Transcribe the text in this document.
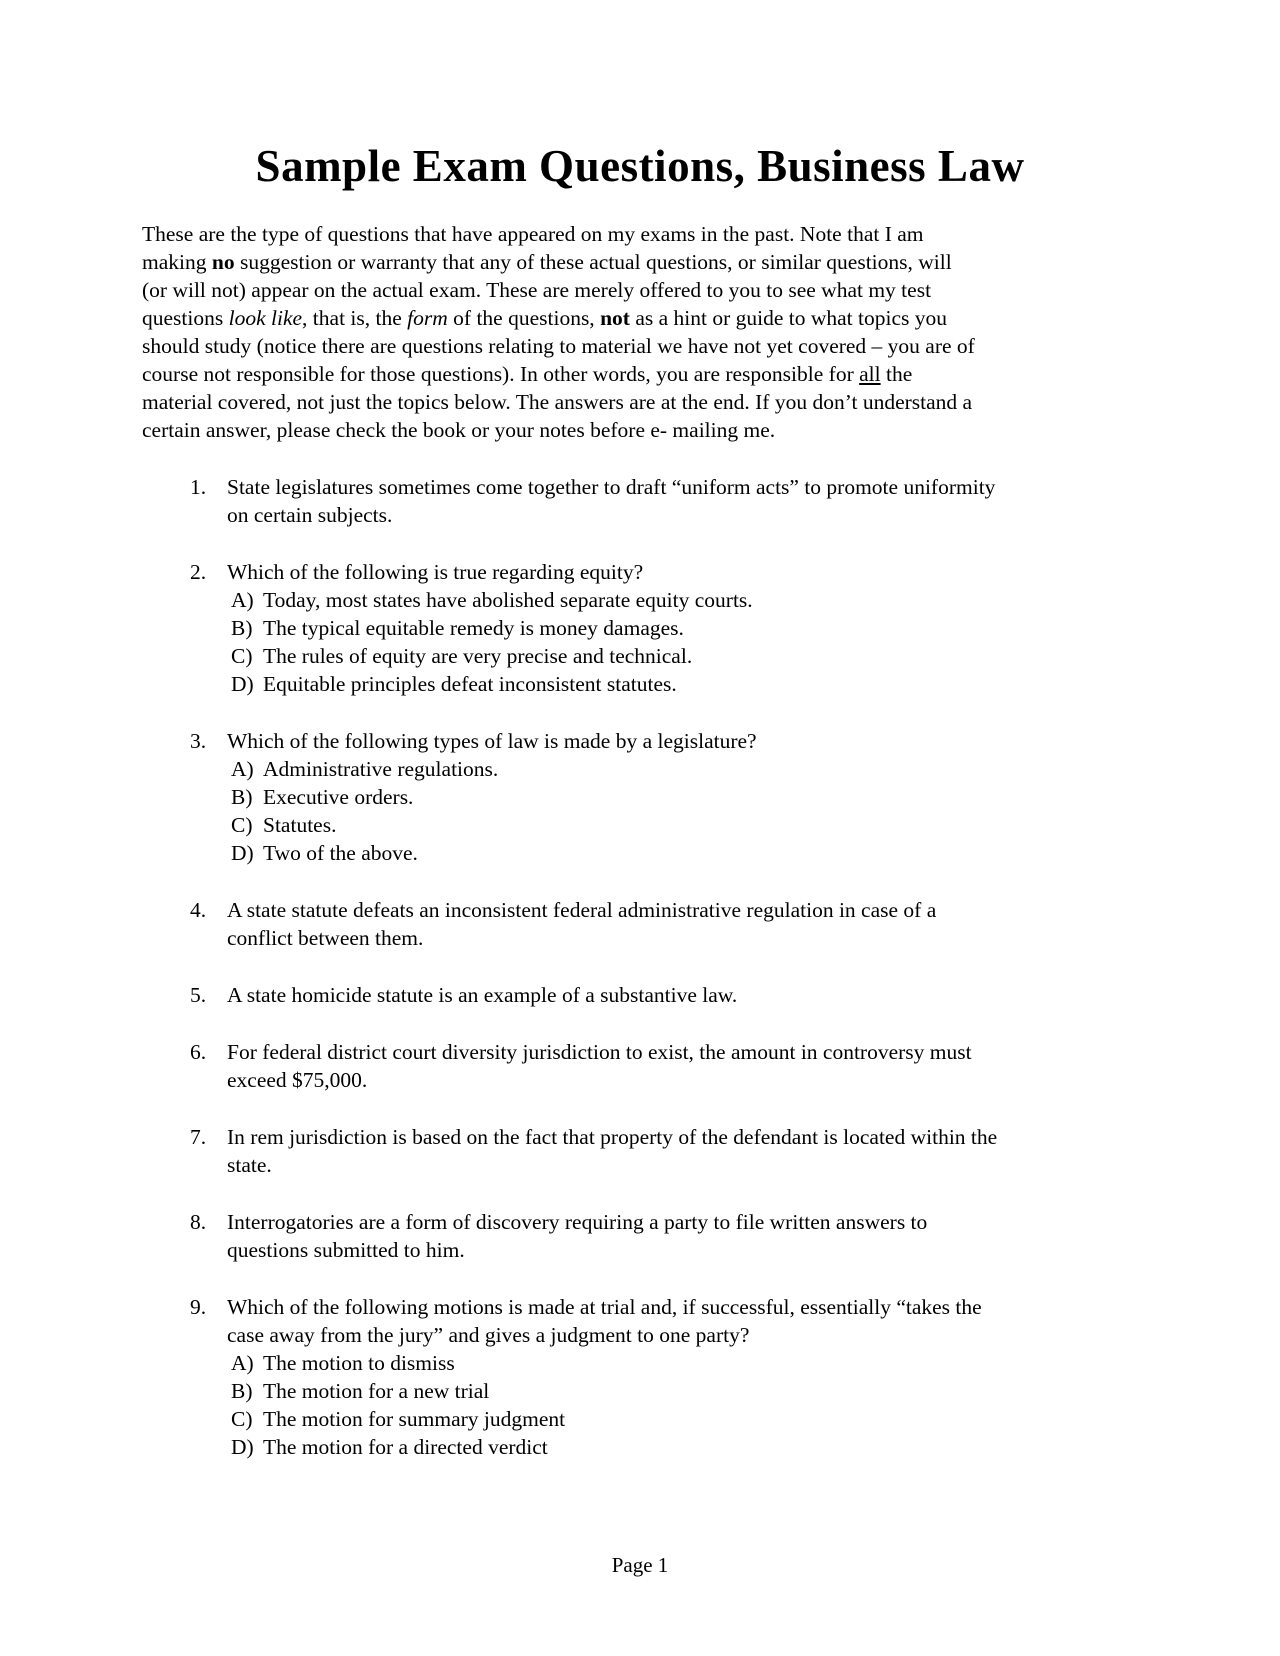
Sample Exam Questions, Business Law

These are the type of questions that have appeared on my exams in the past. Note that I am
making no suggestion or warranty that any of these actual questions, or similar questions, will
(or will not) appear on the actual exam. These are merely offered to you to see what my test
questions look like, that is, the form of the questions, not as a hint or guide to what topics you
should study (notice there are questions relating to material we have not yet covered – you are of
course not responsible for those questions). In other words, you are responsible for all the
material covered, not just the topics below. The answers are at the end. If you don’t understand a
certain answer, please check the book or your notes before e- mailing me.

1. State legislatures sometimes come together to draft “uniform acts” to promote uniformity
on certain subjects.
2. Which of the following is true regarding equity?
A) Today, most states have abolished separate equity courts.
B) The typical equitable remedy is money damages.
C) The rules of equity are very precise and technical.
D) Equitable principles defeat inconsistent statutes.
3. Which of the following types of law is made by a legislature?
A) Administrative regulations.
B) Executive orders.
C) Statutes.
D) Two of the above.
4. A state statute defeats an inconsistent federal administrative regulation in case of a
conflict between them.
5. A state homicide statute is an example of a substantive law.
6. For federal district court diversity jurisdiction to exist, the amount in controversy must
exceed $75,000.
7. In rem jurisdiction is based on the fact that property of the defendant is located within the
state.
8. Interrogatories are a form of discovery requiring a party to file written answers to
questions submitted to him.
9. Which of the following motions is made at trial and, if successful, essentially “takes the
case away from the jury” and gives a judgment to one party?
A) The motion to dismiss
B) The motion for a new trial
C) The motion for summary judgment
D) The motion for a directed verdict
Page 1
